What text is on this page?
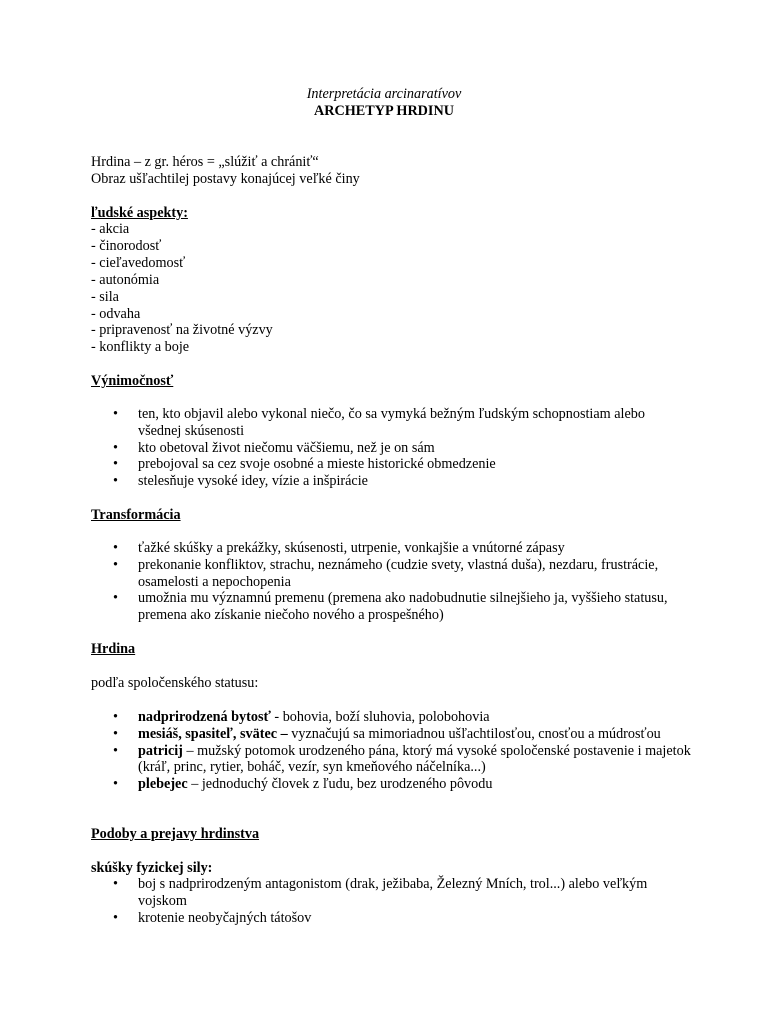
Interpretácia arcinaratívov
ARCHETYP HRDINU
Hrdina – z gr. héros = „slúžiť a chrániť“
Obraz ušľachtilej postavy konajúcej veľké činy
ľudské aspekty:
- akcia
- činorodosť
- cieľavedomosť
- autonómia
- sila
- odvaha
- pripravenosť na životné výzvy
- konflikty a boje
Výnimočnosť
• ten, kto objavil alebo vykonal niečo, čo sa vymyká bežným ľudským schopnostiam alebo všednej skúsenosti
• kto obetoval život niečomu väčšiemu, než je on sám
• prebojoval sa cez svoje osobné a mieste historické obmedzenie
• stelesňuje vysoké idey, vízie a inšpirácie
Transformácia
• ťažké skúšky a prekážky, skúsenosti, utrpenie, vonkajšie a vnútorné zápasy
• prekonanie konfliktov, strachu, neznámeho (cudzie svety, vlastná duša), nezdaru, frustrácie, osamelosti a nepochopenia
• umožnia mu významnú premenu (premena ako nadobudnutie silnejšieho ja, vyššieho statusu, premena ako získanie niečoho nového a prospešného)
Hrdina
podľa spoločenského statusu:
• nadprirodzená bytosť - bohovia, boží sluhovia, polobohovia
• mesiáš, spasiteľ, svätec – vyznačujú sa mimoriadnou ušľachtilosťou, cnosťou a múdrosťou
• patricij – mužský potomok urodzeného pána, ktorý má vysoké spoločenské postavenie i majetok (kráľ, princ, rytier, boháč, vezír, syn kmeňového náčelníka...)
• plebejec – jednoduchý človek z ľudu, bez urodzeného pôvodu
Podoby a prejavy hrdinstva
skúšky fyzickej sily:
• boj s nadprirodzeným antagonistom (drak, ježibaba, Železný Mních, trol...) alebo veľkým vojskom
• krotenie neobyčajných tátošov
